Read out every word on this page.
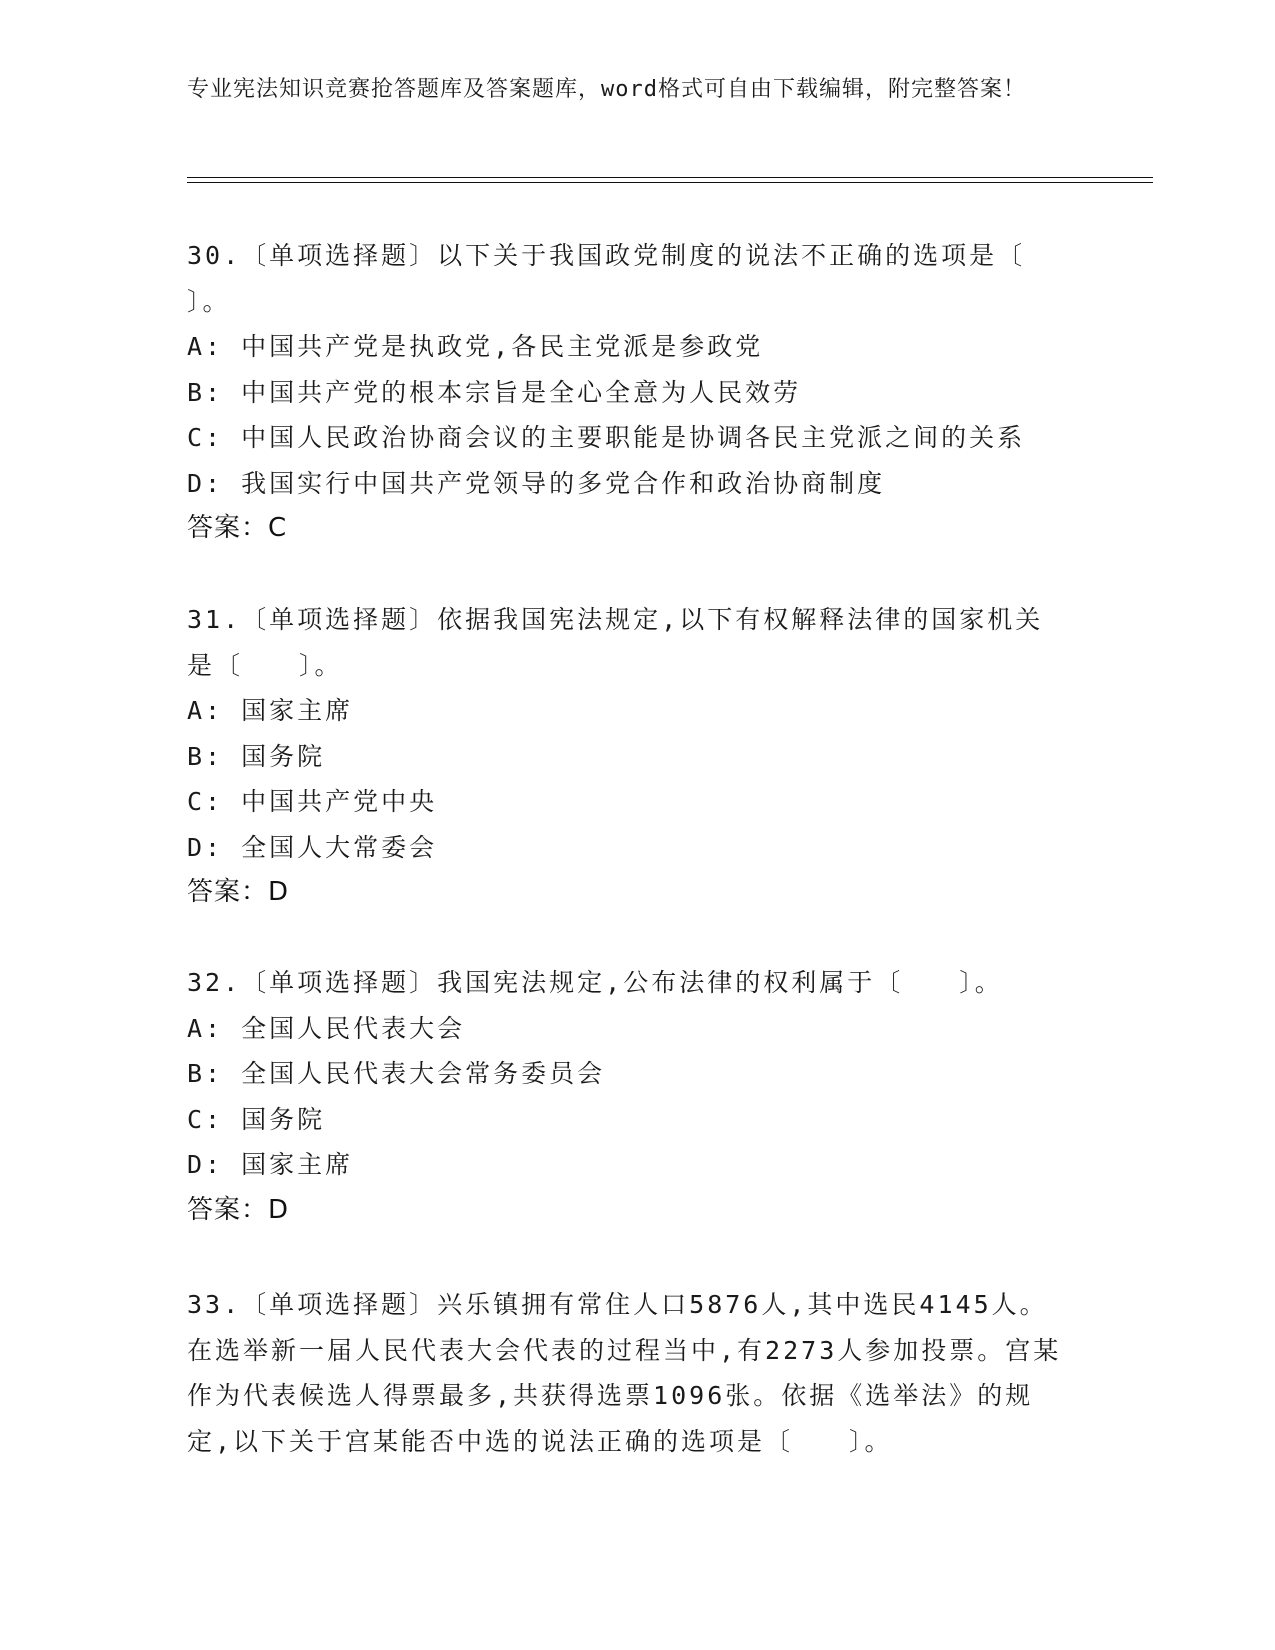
专业宪法知识竞赛抢答题库及答案题库，word格式可自由下载编辑，附完整答案！

30.〔单项选择题〕以下关于我国政党制度的说法不正确的选项是〔　　〕。

A: 中国共产党是执政党,各民主党派是参政党

B: 中国共产党的根本宗旨是全心全意为人民效劳

C: 中国人民政治协商会议的主要职能是协调各民主党派之间的关系

D: 我国实行中国共产党领导的多党合作和政治协商制度

答案：C

31.〔单项选择题〕依据我国宪法规定,以下有权解释法律的国家机关是〔　　〕。

A: 国家主席

B: 国务院

C: 中国共产党中央

D: 全国人大常委会

答案：D

32.〔单项选择题〕我国宪法规定,公布法律的权利属于〔　　〕。

A: 全国人民代表大会

B: 全国人民代表大会常务委员会

C: 国务院

D: 国家主席

答案：D

33.〔单项选择题〕兴乐镇拥有常住人口5876人,其中选民4145人。在选举新一届人民代表大会代表的过程当中,有2273人参加投票。宫某作为代表候选人得票最多,共获得选票1096张。依据《选举法》的规定,以下关于宫某能否中选的说法正确的选项是〔　　〕。
